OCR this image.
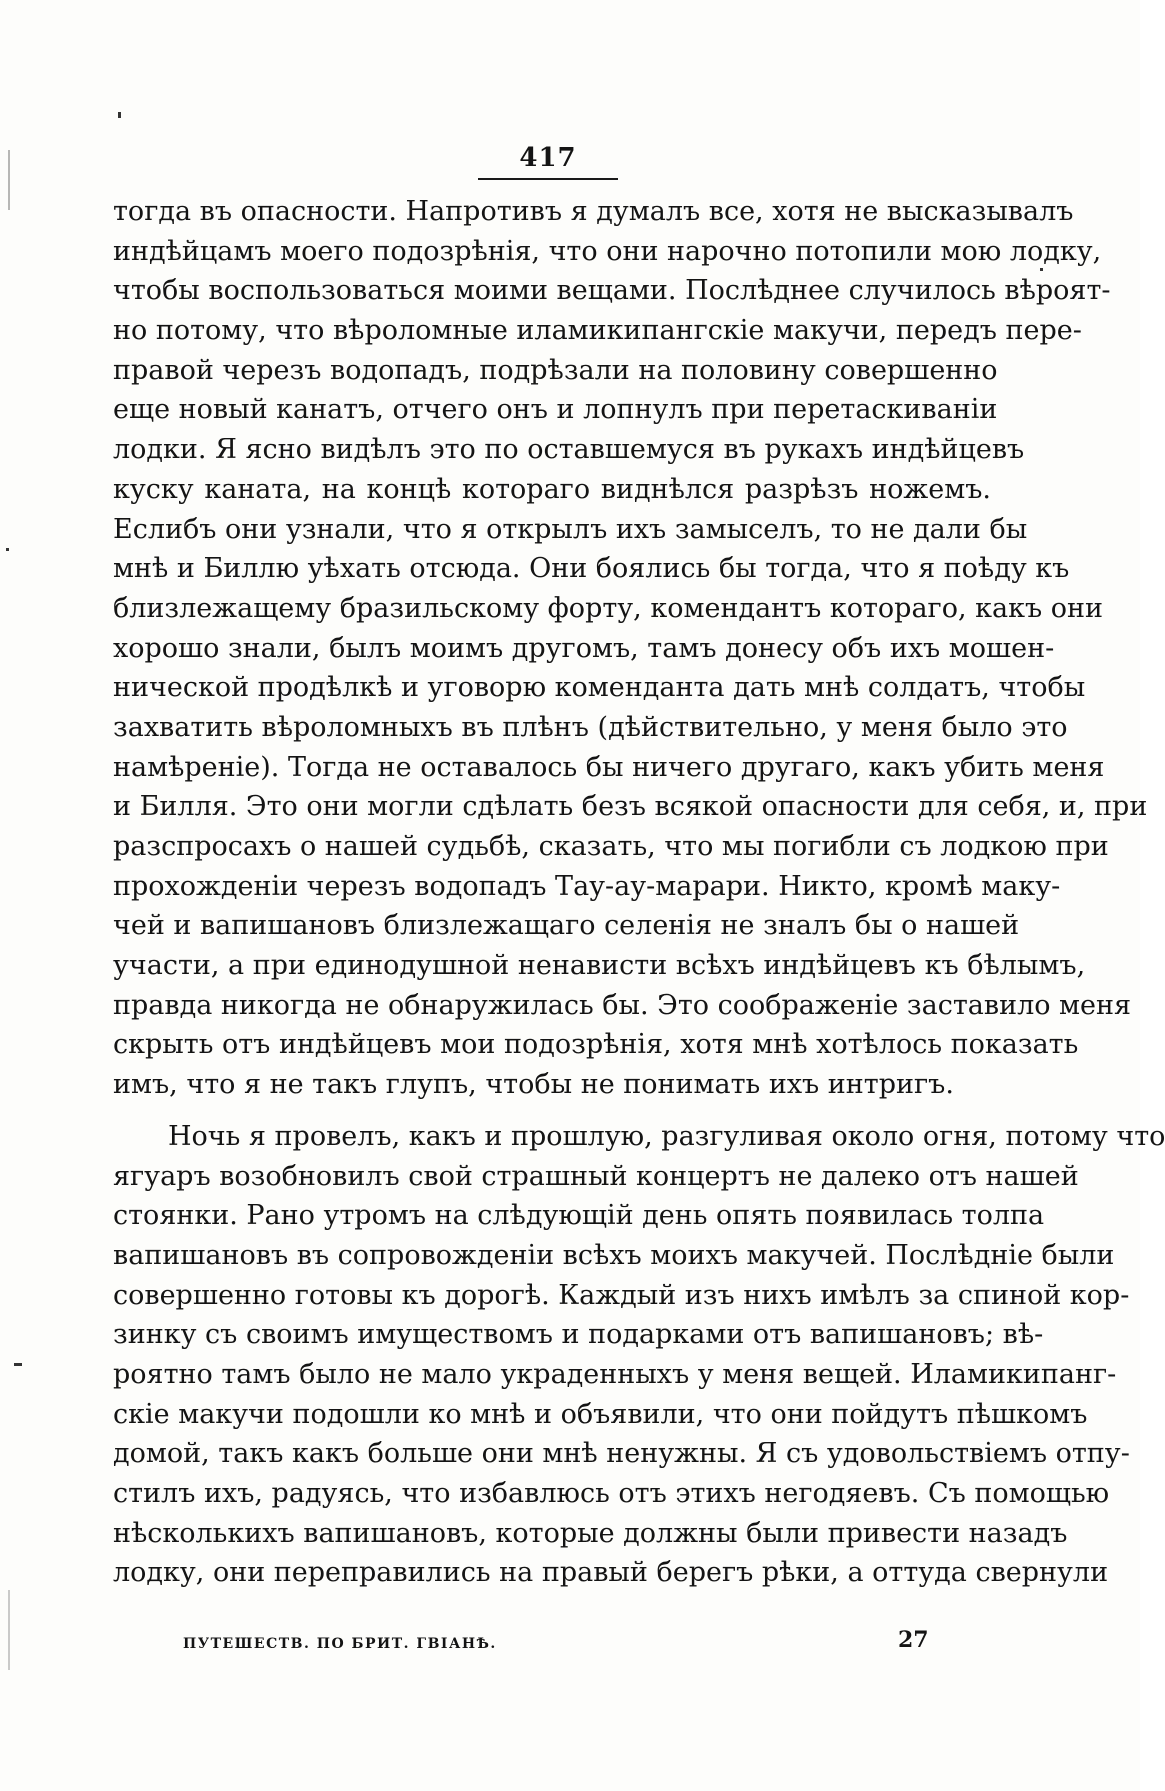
417
тогда въ опасности. Напротивъ я думалъ все, хотя не высказывалъ
индѣйцамъ моего подозрѣнія, что они нарочно потопили мою лодку,
чтобы воспользоваться моими вещами. Послѣднее случилось вѣроят-
но потому, что вѣроломные иламикипангскіе макучи, передъ пере-
правой черезъ водопадъ, подрѣзали на половину совершенно
еще новый канатъ, отчего онъ и лопнулъ при перетаскиваніи
лодки. Я ясно видѣлъ это по оставшемуся въ рукахъ индѣйцевъ
куску каната, на концѣ котораго виднѣлся разрѣзъ ножемъ.
Еслибъ они узнали, что я открылъ ихъ замыселъ, то не дали бы
мнѣ и Биллю уѣхать отсюда. Они боялись бы тогда, что я поѣду къ
близлежащему бразильскому форту, комендантъ котораго, какъ они
хорошо знали, былъ моимъ другомъ, тамъ донесу объ ихъ мошен-
нической продѣлкѣ и уговорю коменданта дать мнѣ солдатъ, чтобы
захватить вѣроломныхъ въ плѣнъ (дѣйствительно, у меня было это
намѣреніе). Тогда не оставалось бы ничего другаго, какъ убить меня
и Билля. Это они могли сдѣлать безъ всякой опасности для себя, и, при
разспросахъ о нашей судьбѣ, сказать, что мы погибли съ лодкою при
прохожденіи черезъ водопадъ Тау-ау-марари. Никто, кромѣ маку-
чей и вапишановъ близлежащаго селенія не зналъ бы о нашей
участи, а при единодушной ненависти всѣхъ индѣйцевъ къ бѣлымъ,
правда никогда не обнаружилась бы. Это соображеніе заставило меня
скрыть отъ индѣйцевъ мои подозрѣнія, хотя мнѣ хотѣлось показать
имъ, что я не такъ глупъ, чтобы не понимать ихъ интригъ.
Ночь я провелъ, какъ и прошлую, разгуливая около огня, потому что
ягуаръ возобновилъ свой страшный концертъ не далеко отъ нашей
стоянки. Рано утромъ на слѣдующій день опять появилась толпа
вапишановъ въ сопровожденіи всѣхъ моихъ макучей. Послѣдніе были
совершенно готовы къ дорогѣ. Каждый изъ нихъ имѣлъ за спиной кор-
зинку съ своимъ имуществомъ и подарками отъ вапишановъ; вѣ-
роятно тамъ было не мало украденныхъ у меня вещей. Иламикипанг-
скіе макучи подошли ко мнѣ и объявили, что они пойдутъ пѣшкомъ
домой, такъ какъ больше они мнѣ ненужны. Я съ удовольствіемъ отпу-
стилъ ихъ, радуясь, что избавлюсь отъ этихъ негодяевъ. Съ помощью
нѣсколькихъ вапишановъ, которые должны были привести назадъ
лодку, они переправились на правый берегъ рѣки, а оттуда свернули
ПУТЕШЕСТВ. ПО БРИТ. ГВІАНѢ.	27
